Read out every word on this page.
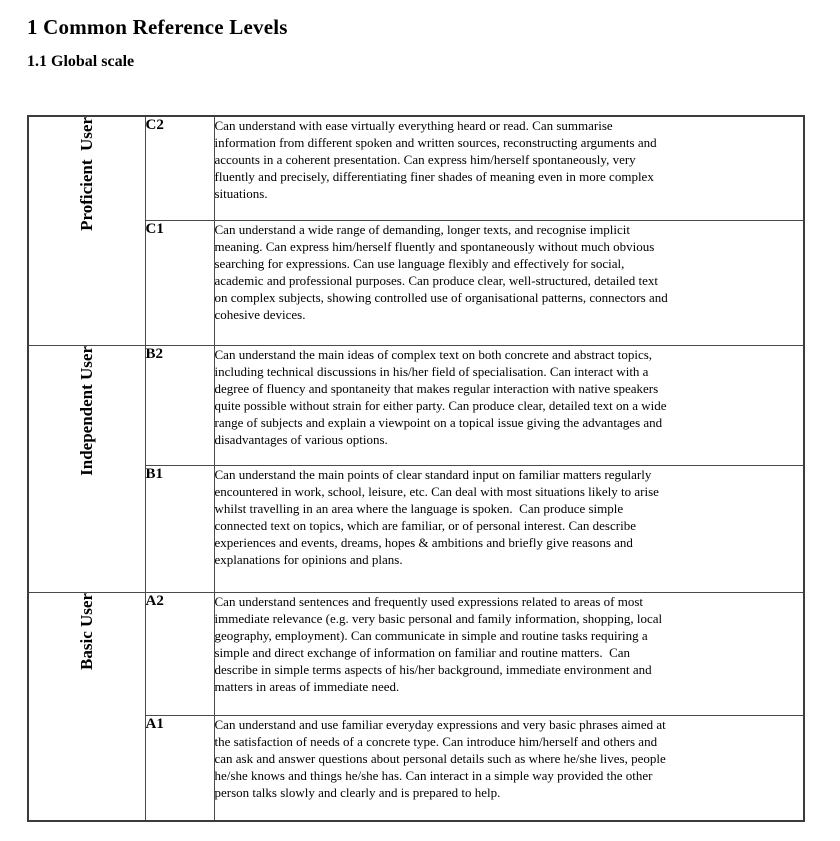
1 Common Reference Levels
1.1 Global scale
Proficient  User	C2	Can understand with ease virtually everything heard or read. Can summarise
information from different spoken and written sources, reconstructing arguments and
accounts in a coherent presentation. Can express him/herself spontaneously, very
fluently and precisely, differentiating finer shades of meaning even in more complex
situations.

C1	Can understand a wide range of demanding, longer texts, and recognise implicit
meaning. Can express him/herself fluently and spontaneously without much obvious
searching for expressions. Can use language flexibly and effectively for social,
academic and professional purposes. Can produce clear, well-structured, detailed text
on complex subjects, showing controlled use of organisational patterns, connectors and
cohesive devices.

Independent User	B2	Can understand the main ideas of complex text on both concrete and abstract topics,
including technical discussions in his/her field of specialisation. Can interact with a
degree of fluency and spontaneity that makes regular interaction with native speakers
quite possible without strain for either party. Can produce clear, detailed text on a wide
range of subjects and explain a viewpoint on a topical issue giving the advantages and
disadvantages of various options.

B1	Can understand the main points of clear standard input on familiar matters regularly
encountered in work, school, leisure, etc. Can deal with most situations likely to arise
whilst travelling in an area where the language is spoken.  Can produce simple
connected text on topics, which are familiar, or of personal interest. Can describe
experiences and events, dreams, hopes & ambitions and briefly give reasons and
explanations for opinions and plans.

Basic User	A2	Can understand sentences and frequently used expressions related to areas of most
immediate relevance (e.g. very basic personal and family information, shopping, local
geography, employment). Can communicate in simple and routine tasks requiring a
simple and direct exchange of information on familiar and routine matters.  Can
describe in simple terms aspects of his/her background, immediate environment and
matters in areas of immediate need.

	A1	Can understand and use familiar everyday expressions and very basic phrases aimed at
the satisfaction of needs of a concrete type. Can introduce him/herself and others and
can ask and answer questions about personal details such as where he/she lives, people
he/she knows and things he/she has. Can interact in a simple way provided the other
person talks slowly and clearly and is prepared to help.
